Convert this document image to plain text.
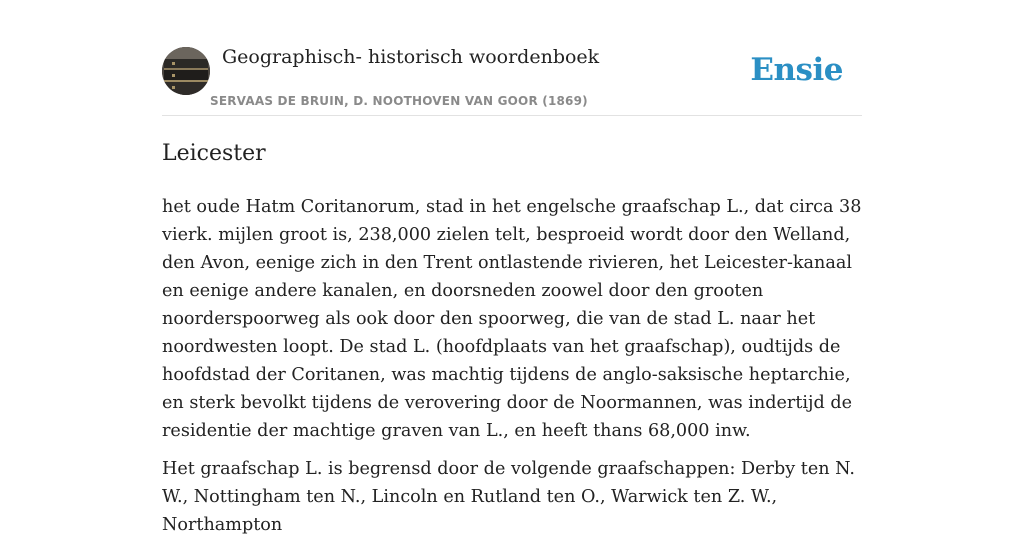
Geographisch- historisch woordenboek
SERVAAS DE BRUIN, D. NOOTHOVEN VAN GOOR (1869)
Ensie
Leicester

het oude Hatm Coritanorum, stad in het engelsche graafschap L., dat circa 38 vierk. mijlen groot is, 238,000 zielen telt, besproeid wordt door den Welland, den Avon, eenige zich in den Trent ontlastende rivieren, het Leicester-kanaal en eenige andere kanalen, en doorsneden zoowel door den grooten noorderspoorweg als ook door den spoorweg, die van de stad L. naar het noordwesten loopt. De stad L. (hoofdplaats van het graafschap), oudtijds de hoofdstad der Coritanen, was machtig tijdens de anglo-saksische heptarchie, en sterk bevolkt tijdens de verovering door de Noormannen, was indertijd de residentie der machtige graven van L., en heeft thans 68,000 inw.

Het graafschap L. is begrensd door de volgende graafschappen: Derby ten N. W., Nottingham ten N., Lincoln en Rutland ten O., Warwick ten Z. W., Northampton
